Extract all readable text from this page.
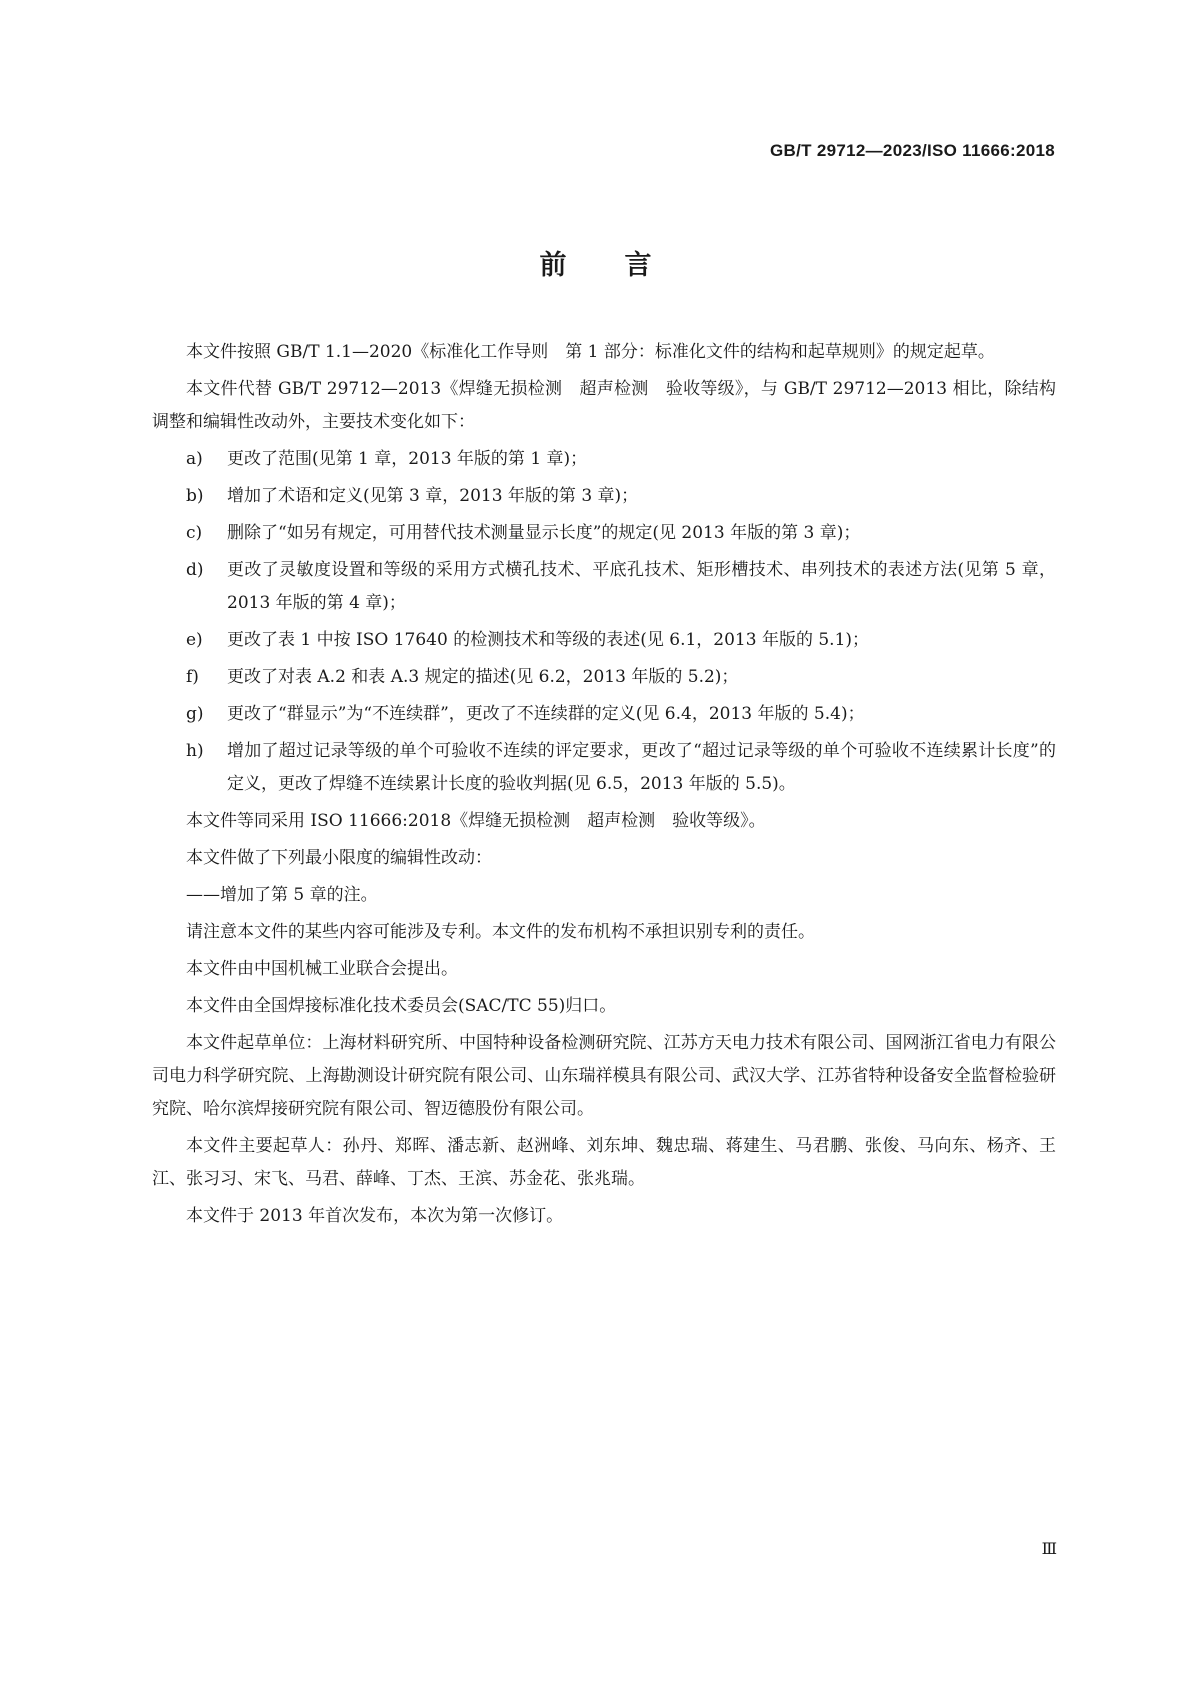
GB/T 29712—2023/ISO 11666:2018
前言
本文件按照 GB/T 1.1—2020《标准化工作导则　第 1 部分：标准化文件的结构和起草规则》的规定起草。
本文件代替 GB/T 29712—2013《焊缝无损检测　超声检测　验收等级》，与 GB/T 29712—2013 相比，除结构调整和编辑性改动外，主要技术变化如下：
a)	更改了范围(见第 1 章，2013 年版的第 1 章)；
b)	增加了术语和定义(见第 3 章，2013 年版的第 3 章)；
c)	删除了“如另有规定，可用替代技术测量显示长度”的规定(见 2013 年版的第 3 章)；
d)	更改了灵敏度设置和等级的采用方式横孔技术、平底孔技术、矩形槽技术、串列技术的表述方法(见第 5 章，2013 年版的第 4 章)；
e)	更改了表 1 中按 ISO 17640 的检测技术和等级的表述(见 6.1，2013 年版的 5.1)；
f)	更改了对表 A.2 和表 A.3 规定的描述(见 6.2，2013 年版的 5.2)；
g)	更改了“群显示”为“不连续群”，更改了不连续群的定义(见 6.4，2013 年版的 5.4)；
h)	增加了超过记录等级的单个可验收不连续的评定要求，更改了“超过记录等级的单个可验收不连续累计长度”的定义，更改了焊缝不连续累计长度的验收判据(见 6.5，2013 年版的 5.5)。
本文件等同采用 ISO 11666:2018《焊缝无损检测　超声检测　验收等级》。
本文件做了下列最小限度的编辑性改动：
——增加了第 5 章的注。
请注意本文件的某些内容可能涉及专利。本文件的发布机构不承担识别专利的责任。
本文件由中国机械工业联合会提出。
本文件由全国焊接标准化技术委员会(SAC/TC 55)归口。
本文件起草单位：上海材料研究所、中国特种设备检测研究院、江苏方天电力技术有限公司、国网浙江省电力有限公司电力科学研究院、上海勘测设计研究院有限公司、山东瑞祥模具有限公司、武汉大学、江苏省特种设备安全监督检验研究院、哈尔滨焊接研究院有限公司、智迈德股份有限公司。
本文件主要起草人：孙丹、郑晖、潘志新、赵洲峰、刘东坤、魏忠瑞、蒋建生、马君鹏、张俊、马向东、杨齐、王江、张习习、宋飞、马君、薛峰、丁杰、王滨、苏金花、张兆瑞。
本文件于 2013 年首次发布，本次为第一次修订。
Ⅲ
